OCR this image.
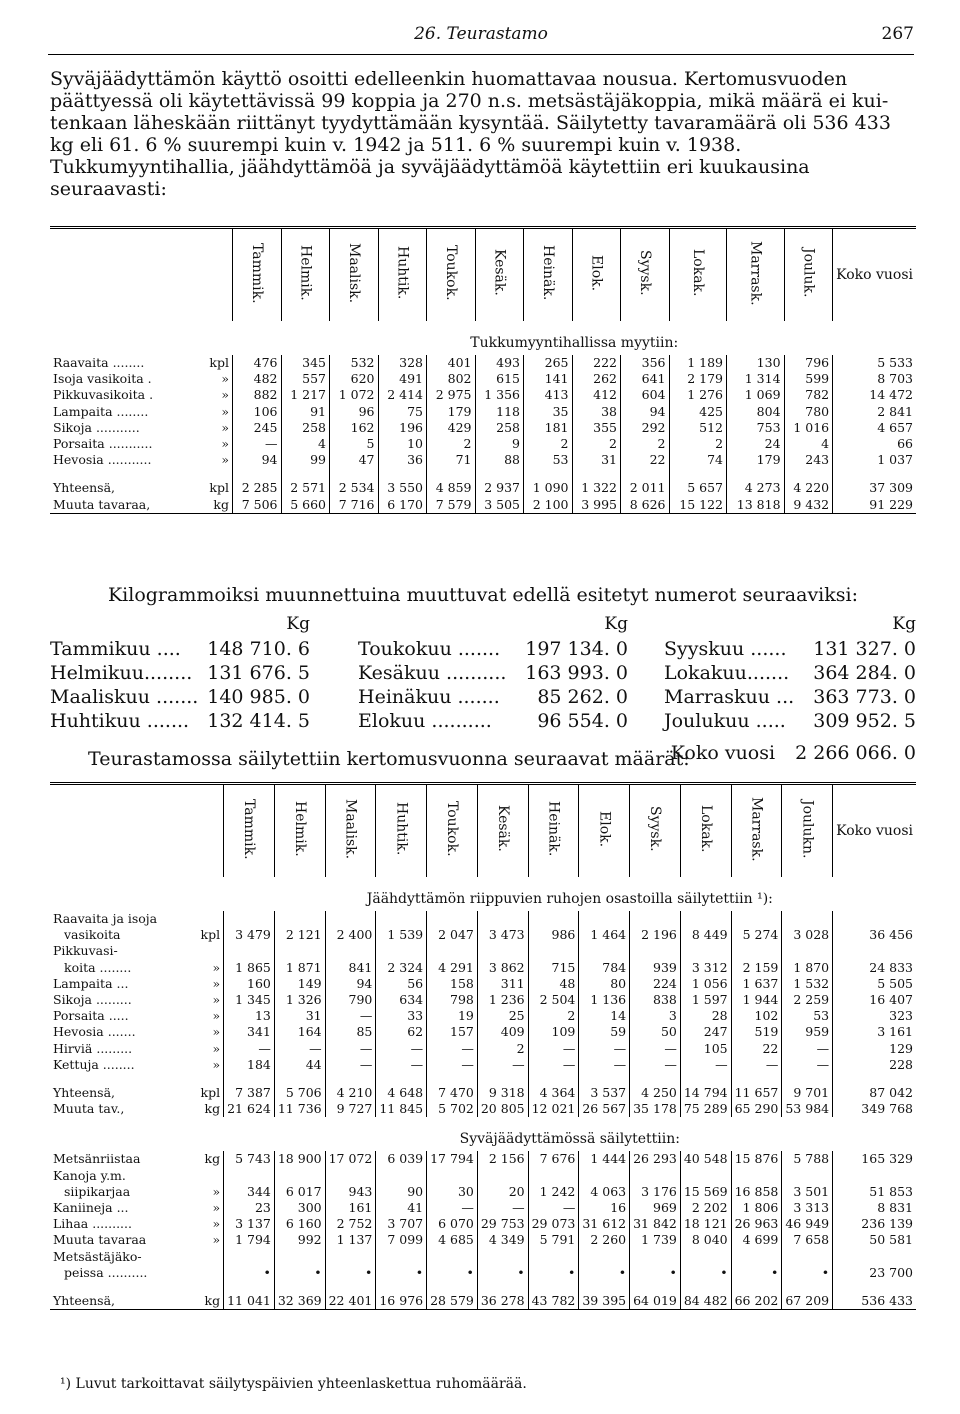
26. Teurastamo	267

Syväjäädyttämön käyttö osoitti edelleenkin huomattavaa nousua. Kertomusvuoden

päättyessä oli käytettävissä 99 koppia ja 270 n.s. metsästäjäkoppia, mikä määrä ei kui-

tenkaan läheskään riittänyt tyydyttämään kysyntää. Säilytetty tavaramäärä oli 536 433

kg eli 61. 6 % suurempi kuin v. 1942 ja 511. 6 % suurempi kuin v. 1938.

Tukkumyyntihallia, jäähdyttämöä ja syväjäädyttämöä käytettiin eri kuukausina

seuraavasti:

	Tammik.	Helmik.	Maalisk.	Huhtik.	Toukok.	Kesäk.	Heinäk.	Elok.	Syysk.	Lokak.	Marrask.	Jouluk.	Koko vuosi
	Tukkumyyntihallissa myytiin:												
Raavaita ........ kpl	476	345	532	328	401	493	265	222	356	1 189	130	796	5 533
Isoja vasikoita . »	482	557	620	491	802	615	141	262	641	2 179	1 314	599	8 703
Pikkuvasikoita . »	882	1 217	1 072	2 414	2 975	1 356	413	412	604	1 276	1 069	782	14 472
Lampaita ........ »	106	91	96	75	179	118	35	38	94	425	804	780	2 841
Sikoja ........... »	245	258	162	196	429	258	181	355	292	512	753	1 016	4 657
Porsaita ........... »	—	4	5	10	2	9	2	2	2	2	24	4	66
Hevosia ........... »	94	99	47	36	71	88	53	31	22	74	179	243	1 037

Yhteensä, kpl	2 285	2 571	2 534	3 550	4 859	2 937	1 090	1 322	2 011	5 657	4 273	4 220	37 309
Muuta tavaraa, kg	7 506	5 660	7 716	6 170	7 579	3 505	2 100	3 995	8 626	15 122	13 818	9 432	91 229
Kilogrammoiksi muunnettuina muuttuvat edellä esitetyt numerot seuraaviksi:
Kg
Tammikuu .... 148 710. 6
Helmikuu........ 131 676. 5
Maaliskuu ....... 140 985. 0
Huhtikuu ....... 132 414. 5
Kg
Toukokuu ....... 197 134. 0
Kesäkuu .......... 163 993. 0
Heinäkuu ....... 85 262. 0
Elokuu .......... 96 554. 0
Kg
Syyskuu ...... 131 327. 0
Lokakuu....... 364 284. 0
Marraskuu ... 363 773. 0
Joulukuu ..... 309 952. 5
Koko vuosi 2 266 066. 0
Teurastamossa säilytettiin kertomusvuonna seuraavat määrät:
	Tammik.	Helmik.	Maalisk.	Huhtik.	Toukok.	Kesäk.	Heinäk.	Elok.	Syysk.	Lokak.	Marrask.	Joulukn.	Koko vuosi
	Jäähdyttämön riippuvien ruhojen osastoilla säilytettiin ¹):												
Raavaita ja isoja

vasikoita kpl	3 479	2 121	2 400	1 539	2 047	3 473	986	1 464	2 196	8 449	5 274	3 028	36 456
Pikkuvasi-

koita ........ »	1 865	1 871	841	2 324	4 291	3 862	715	784	939	3 312	2 159	1 870	24 833
Lampaita ... »	160	149	94	56	158	311	48	80	224	1 056	1 637	1 532	5 505
Sikoja ......... »	1 345	1 326	790	634	798	1 236	2 504	1 136	838	1 597	1 944	2 259	16 407
Porsaita ..... »	13	31	—	33	19	25	2	14	3	28	102	53	323
Hevosia ....... »	341	164	85	62	157	409	109	59	50	247	519	959	3 161
Hirviä ......... »	—	—	—	—	—	2	—	—	—	105	22	—	129
Kettuja ........ »	184	44	—	—	—	—	—	—	—	—	—	—	228

Yhteensä, kpl	7 387	5 706	4 210	4 648	7 470	9 318	4 364	3 537	4 250	14 794	11 657	9 701	87 042
Muuta tav., kg	21 624	11 736	9 727	11 845	5 702	20 805	12 021	26 567	35 178	75 289	65 290	53 984	349 768
	Syväjäädyttämössä säilytettiin:												
Metsänriistaa kg	5 743	18 900	17 072	6 039	17 794	2 156	7 676	1 444	26 293	40 548	15 876	5 788	165 329
Kanoja y.m.

siipikarjaa »	344	6 017	943	90	30	20	1 242	4 063	3 176	15 569	16 858	3 501	51 853
Kaniineja ... »	23	300	161	41	—	—	—	16	969	2 202	1 806	3 313	8 831
Lihaa .......... »	3 137	6 160	2 752	3 707	6 070	29 753	29 073	31 612	31 842	18 121	26 963	46 949	236 139
Muuta tavaraa »	1 794	992	1 137	7 099	4 685	4 349	5 791	2 260	1 739	8 040	4 699	7 658	50 581
Metsästäjäko-

peissa ..........	•	•	•	•	•	•	•	•	•	•	•	•	23 700

Yhteensä, kg	11 041	32 369	22 401	16 976	28 579	36 278	43 782	39 395	64 019	84 482	66 202	67 209	536 433
¹) Luvut tarkoittavat säilytyspäivien yhteenlaskettua ruhomäärää.
